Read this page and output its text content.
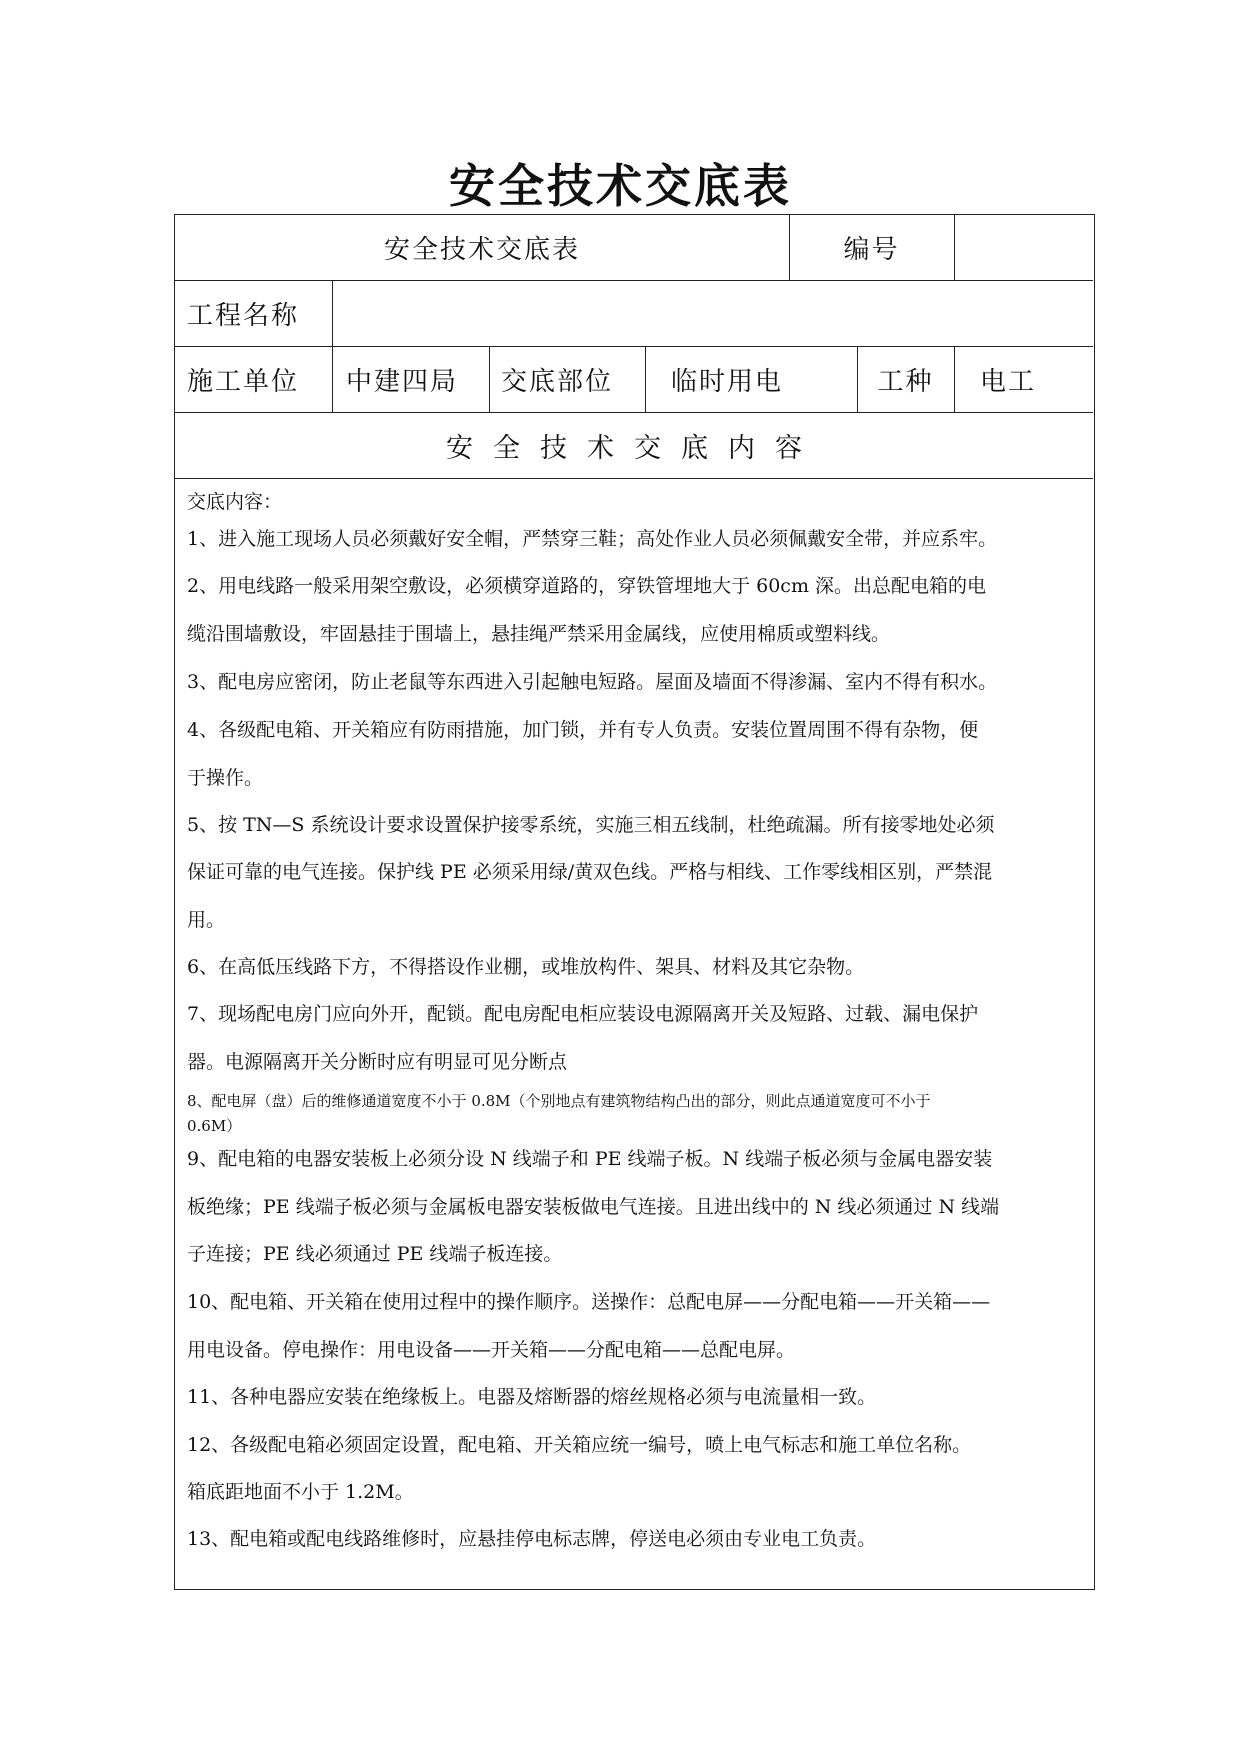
安全技术交底表
安全技术交底表	编号
工程名称
施工单位	中建四局	交底部位	临时用电	工种	电工
安全技术交底内容
交底内容：
1、进入施工现场人员必须戴好安全帽，严禁穿三鞋；高处作业人员必须佩戴安全带，并应系牢。
2、用电线路一般采用架空敷设，必须横穿道路的，穿铁管埋地大于 60cm 深。出总配电箱的电
缆沿围墙敷设，牢固悬挂于围墙上，悬挂绳严禁采用金属线，应使用棉质或塑料线。
3、配电房应密闭，防止老鼠等东西进入引起触电短路。屋面及墙面不得渗漏、室内不得有积水。
4、各级配电箱、开关箱应有防雨措施，加门锁，并有专人负责。安装位置周围不得有杂物，便
于操作。
5、按 TN—S 系统设计要求设置保护接零系统，实施三相五线制，杜绝疏漏。所有接零地处必须
保证可靠的电气连接。保护线 PE 必须采用绿/黄双色线。严格与相线、工作零线相区别，严禁混
用。
6、在高低压线路下方，不得搭设作业棚，或堆放构件、架具、材料及其它杂物。
7、现场配电房门应向外开，配锁。配电房配电柜应装设电源隔离开关及短路、过载、漏电保护
器。电源隔离开关分断时应有明显可见分断点
8、配电屏（盘）后的维修通道宽度不小于 0.8M（个别地点有建筑物结构凸出的部分，则此点通道宽度可不小于
0.6M）
9、配电箱的电器安装板上必须分设 N 线端子和 PE 线端子板。N 线端子板必须与金属电器安装
板绝缘；PE 线端子板必须与金属板电器安装板做电气连接。且进出线中的 N 线必须通过 N 线端
子连接；PE 线必须通过 PE 线端子板连接。
10、配电箱、开关箱在使用过程中的操作顺序。送操作：总配电屏——分配电箱——开关箱——
用电设备。停电操作：用电设备——开关箱——分配电箱——总配电屏。
11、各种电器应安装在绝缘板上。电器及熔断器的熔丝规格必须与电流量相一致。
12、各级配电箱必须固定设置，配电箱、开关箱应统一编号，喷上电气标志和施工单位名称。
箱底距地面不小于 1.2M。
13、配电箱或配电线路维修时，应悬挂停电标志牌，停送电必须由专业电工负责。
